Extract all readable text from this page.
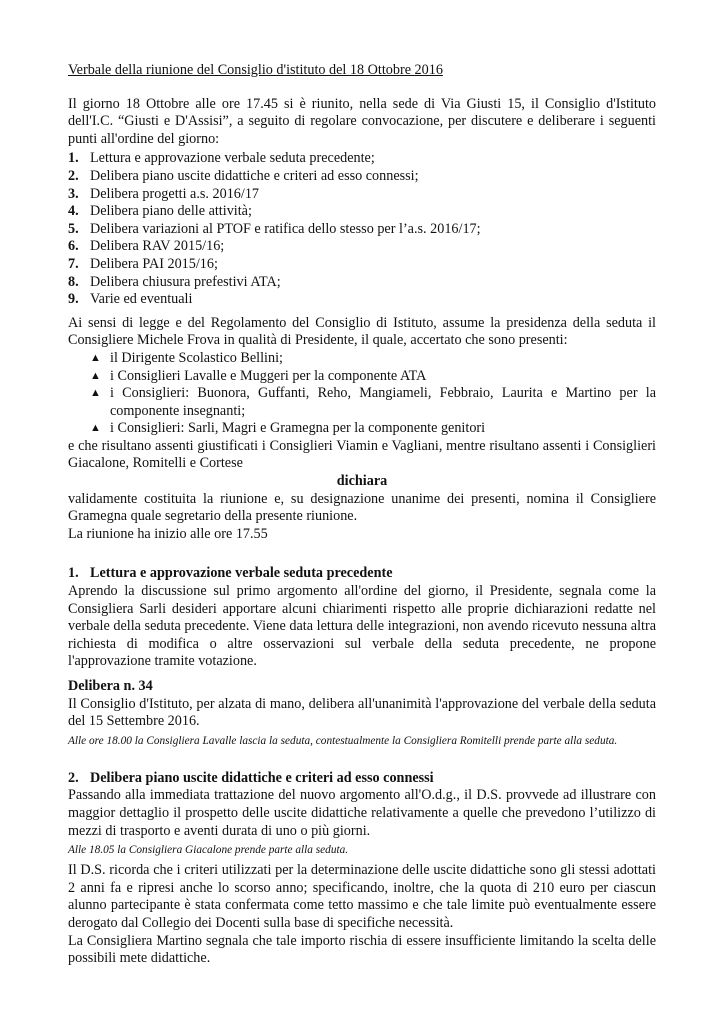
Verbale della riunione del Consiglio d'istituto del 18 Ottobre 2016

Il giorno 18 Ottobre alle ore 17.45 si è riunito, nella sede di Via Giusti 15, il Consiglio d'Istituto dell'I.C. “Giusti e D'Assisi”, a seguito di regolare convocazione, per discutere e deliberare i seguenti punti all'ordine del giorno:

1. Lettura e approvazione verbale seduta precedente;
2. Delibera piano uscite didattiche e criteri ad esso connessi;
3. Delibera progetti a.s. 2016/17
4. Delibera piano delle attività;
5. Delibera variazioni al PTOF e ratifica dello stesso per l’a.s. 2016/17;
6. Delibera RAV 2015/16;
7. Delibera PAI 2015/16;
8. Delibera chiusura prefestivi ATA;
9. Varie ed eventuali

Ai sensi di legge e del Regolamento del Consiglio di Istituto, assume la presidenza della seduta il Consigliere Michele Frova in qualità di Presidente, il quale, accertato che sono presenti:

▲ il Dirigente Scolastico Bellini;
▲ i Consiglieri Lavalle e Muggeri per la componente ATA
▲ i Consiglieri: Buonora, Guffanti, Reho, Mangiameli, Febbraio, Laurita e Martino per la componente insegnanti;
▲ i Consiglieri: Sarli, Magri e Gramegna per la componente genitori

e che risultano assenti giustificati i Consiglieri Viamin e Vagliani, mentre risultano assenti i Consiglieri Giacalone, Romitelli e Cortese

dichiara

validamente costituita la riunione e, su designazione unanime dei presenti, nomina il Consigliere Gramegna quale segretario della presente riunione.

La riunione ha inizio alle ore 17.55

1. Lettura e approvazione verbale seduta precedente

Aprendo la discussione sul primo argomento all'ordine del giorno, il Presidente, segnala come la Consigliera Sarli desideri apportare alcuni chiarimenti rispetto alle proprie dichiarazioni redatte nel verbale della seduta precedente. Viene data lettura delle integrazioni, non avendo ricevuto nessuna altra richiesta di modifica o altre osservazioni sul verbale della seduta precedente, ne propone l'approvazione tramite votazione.

Delibera n. 34

Il Consiglio d'Istituto, per alzata di mano, delibera all'unanimità l'approvazione del verbale della seduta del 15 Settembre 2016.

Alle ore 18.00 la Consigliera Lavalle lascia la seduta, contestualmente la Consigliera Romitelli prende parte alla seduta.

2. Delibera piano uscite didattiche e criteri ad esso connessi

Passando alla immediata trattazione del nuovo argomento all'O.d.g., il D.S. provvede ad illustrare con maggior dettaglio il prospetto delle uscite didattiche relativamente a quelle che prevedono l’utilizzo di mezzi di trasporto e aventi durata di uno o più giorni.

Alle 18.05 la Consigliera Giacalone prende parte alla seduta.

Il D.S. ricorda che i criteri utilizzati per la determinazione delle uscite didattiche sono gli stessi adottati 2 anni fa e ripresi anche lo scorso anno; specificando, inoltre, che la quota di 210 euro per ciascun alunno partecipante è stata confermata come tetto massimo e che tale limite può eventualmente essere derogato dal Collegio dei Docenti sulla base di specifiche necessità.

La Consigliera Martino segnala che tale importo rischia di essere insufficiente limitando la scelta delle possibili mete didattiche.
